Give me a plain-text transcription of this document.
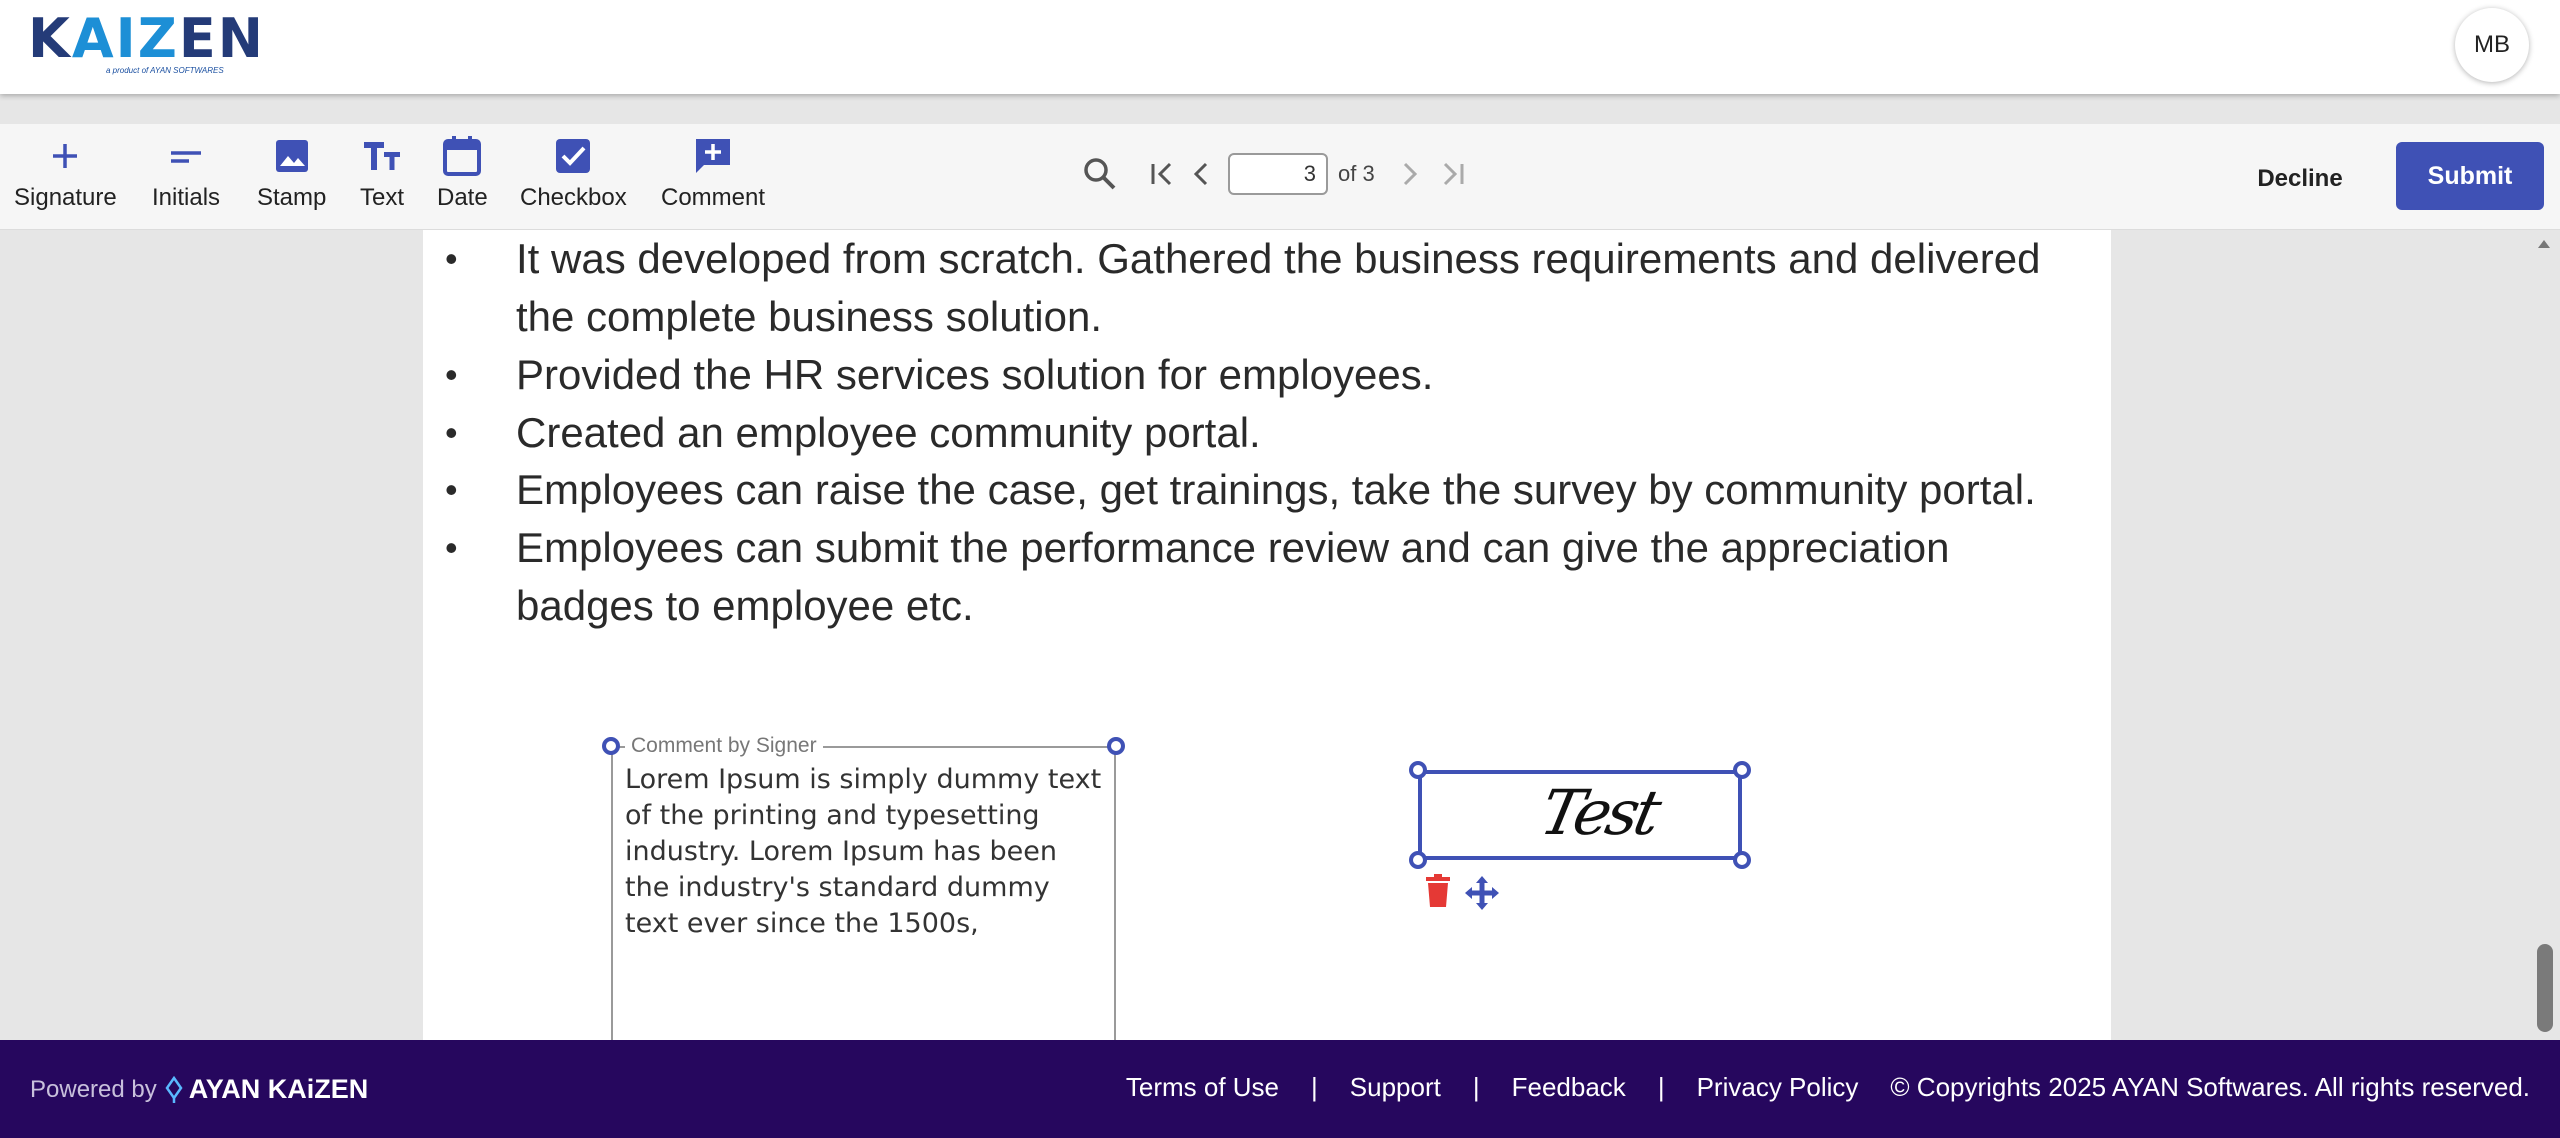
KAIZEN
a product of AYAN SOFTWARES
MB
Signature Initials Stamp Text Date Checkbox Comment
3
of 3	Decline	Submit
• It was developed from scratch. Gathered the business requirements and delivered
the complete business solution.
• Provided the HR services solution for employees.
• Created an employee community portal.
• Employees can raise the case, get trainings, take the survey by community portal.
• Employees can submit the performance review and can give the appreciation
badges to employee etc.
Comment by Signer
Lorem Ipsum is simply dummy text of the printing and typesetting industry. Lorem Ipsum has been the industry's standard dummy text ever since the 1500s,
Test
Powered by AYAN KAiZEN	Terms of Use | Support | Feedback | Privacy Policy © Copyrights 2025 AYAN Softwares. All rights reserved.
